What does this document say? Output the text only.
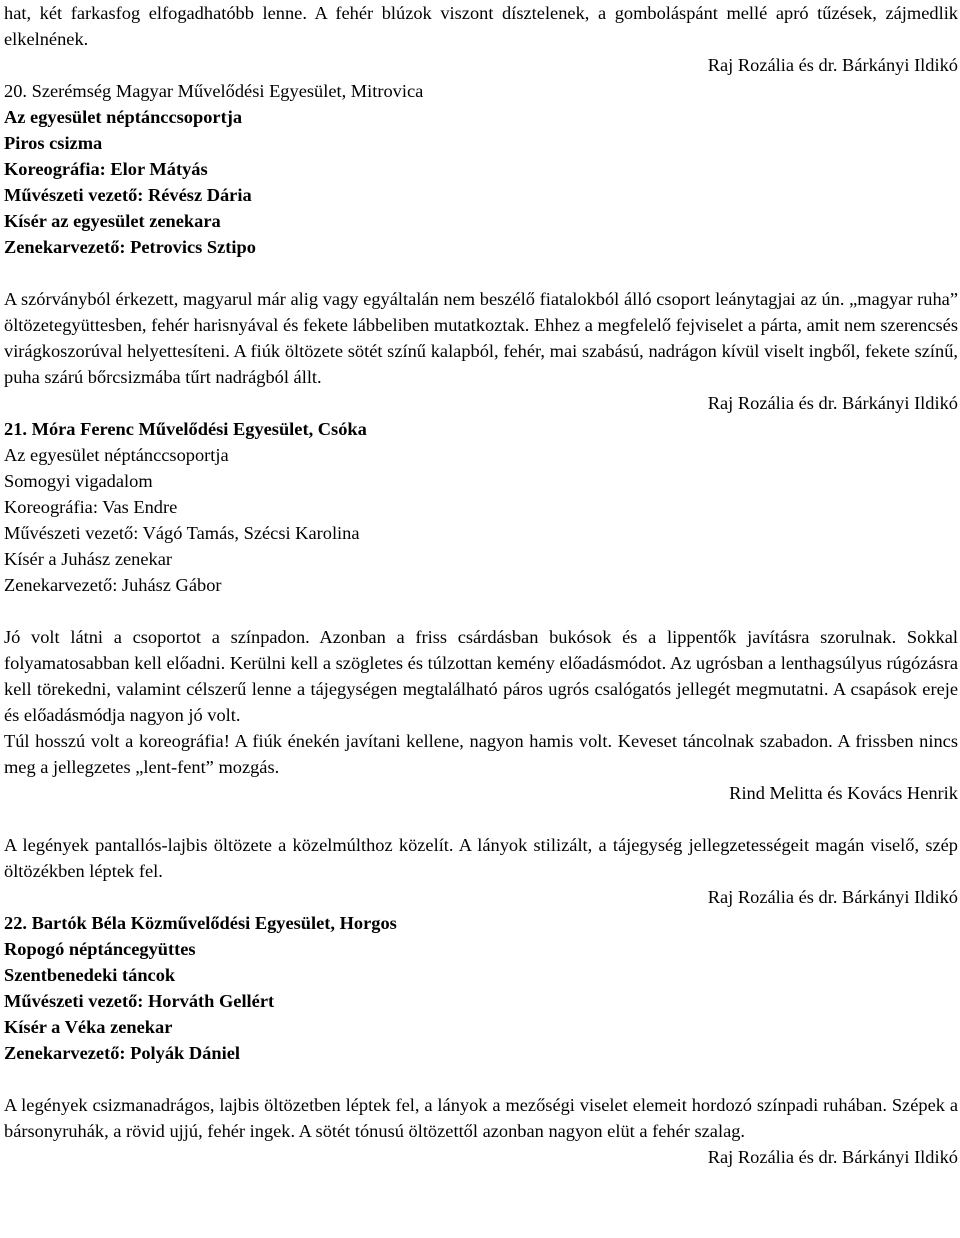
hat, két farkasfog elfogadhatóbb lenne. A fehér blúzok viszont dísztelenek, a gomboláspánt mellé apró tűzések, zájmedlik elkelnének.

Raj Rozália és dr. Bárkányi Ildikó

20. Szerémség Magyar Művelődési Egyesület, Mitrovica

Az egyesület néptánccsoportja

Piros csizma

Koreográfia: Elor Mátyás

Művészeti vezető: Révész Dária

Kísér az egyesület zenekara

Zenekarvezető: Petrovics Sztipo

A szórványból érkezett, magyarul már alig vagy egyáltalán nem beszélő fiatalokból álló csoport leánytagjai az ún. „magyar ruha” öltözetegyüttesben, fehér harisnyával és fekete lábbeliben mutatkoztak. Ehhez a megfelelő fejviselet a párta, amit nem szerencsés virágkoszorúval helyettesíteni. A fiúk öltözete sötét színű kalapból, fehér, mai szabású, nadrágon kívül viselt ingből, fekete színű, puha szárú bőrcsizmába tűrt nadrágból állt.

Raj Rozália és dr. Bárkányi Ildikó

21. Móra Ferenc Művelődési Egyesület, Csóka

Az egyesület néptánccsoportja

Somogyi vigadalom

Koreográfia: Vas Endre

Művészeti vezető: Vágó Tamás, Szécsi Karolina

Kísér a Juhász zenekar

Zenekarvezető: Juhász Gábor

Jó volt látni a csoportot a színpadon. Azonban a friss csárdásban bukósok és a lippentők javításra szorulnak. Sokkal folyamatosabban kell előadni. Kerülni kell a szögletes és túlzottan kemény előadásmódot. Az ugrósban a lenthagsúlyus rúgózásra kell törekedni, valamint célszerű lenne a tájegységen megtalálható páros ugrós csalógatós jellegét megmutatni. A csapások ereje és előadásmódja nagyon jó volt.

Túl hosszú volt a koreográfia! A fiúk énekén javítani kellene, nagyon hamis volt. Keveset táncolnak szabadon. A frissben nincs meg a jellegzetes „lent-fent” mozgás.

Rind Melitta és Kovács Henrik

A legények pantallós-lajbis öltözete a közelmúlthoz közelít. A lányok stilizált, a tájegység jellegzetességeit magán viselő, szép öltözékben léptek fel.

Raj Rozália és dr. Bárkányi Ildikó

22. Bartók Béla Közművelődési Egyesület, Horgos

Ropogó néptáncegyüttes

Szentbenedeki táncok

Művészeti vezető: Horváth Gellért

Kísér a Véka zenekar

Zenekarvezető: Polyák Dániel

A legények csizmanadrágos, lajbis öltözetben léptek fel, a lányok a mezőségi viselet elemeit hordozó színpadi ruhában. Szépek a bársonyruhák, a rövid ujjú, fehér ingek. A sötét tónusú öltözettől azonban nagyon elüt a fehér szalag.

Raj Rozália és dr. Bárkányi Ildikó
